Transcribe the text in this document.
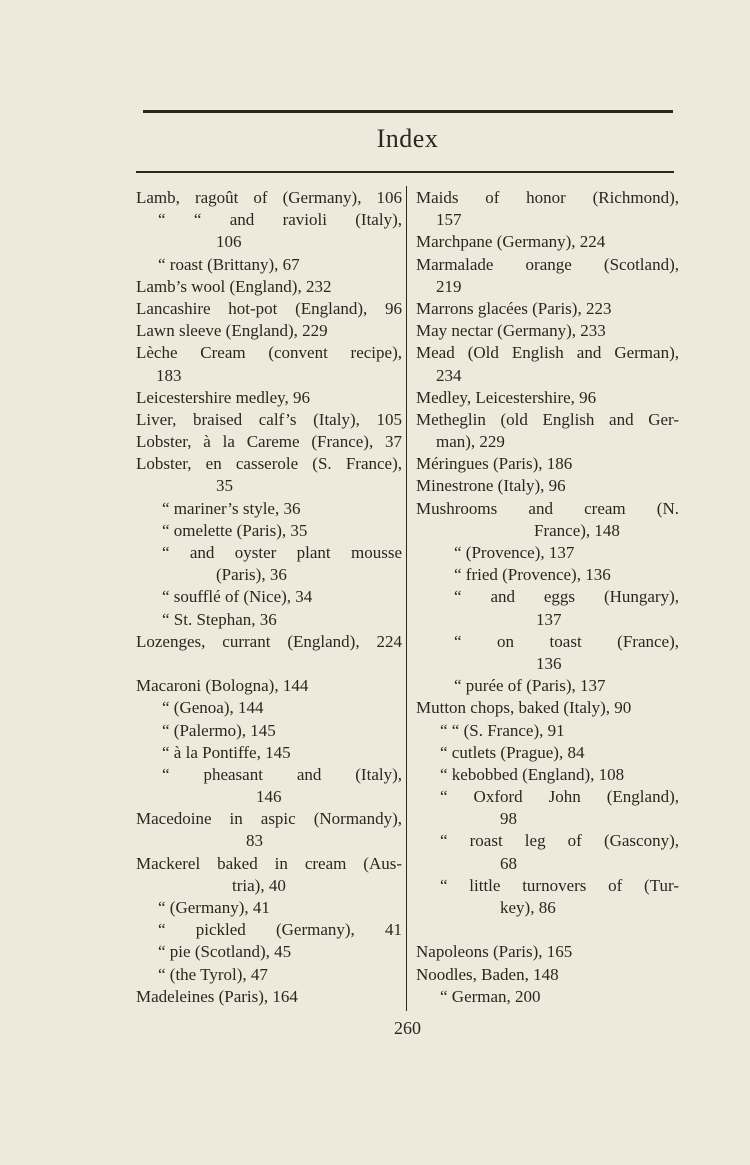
Index
Lamb, ragoût of (Germany), 106
“ “ and ravioli (Italy),
106
“ roast (Brittany), 67
Lamb’s wool (England), 232
Lancashire hot-pot (England), 96
Lawn sleeve (England), 229
Lèche Cream (convent recipe),
183
Leicestershire medley, 96
Liver, braised calf’s (Italy), 105
Lobster, à la Careme (France), 37
Lobster, en casserole (S. France),
35
“ mariner’s style, 36
“ omelette (Paris), 35
“ and oyster plant mousse
(Paris), 36
“ soufflé of (Nice), 34
“ St. Stephan, 36
Lozenges, currant (England), 224
Macaroni (Bologna), 144
“ (Genoa), 144
“ (Palermo), 145
“ à la Pontiffe, 145
“ pheasant and (Italy),
146
Macedoine in aspic (Normandy),
83
Mackerel baked in cream (Aus-
tria), 40
“ (Germany), 41
“ pickled (Germany), 41
“ pie (Scotland), 45
“ (the Tyrol), 47
Madeleines (Paris), 164
Maids of honor (Richmond),
157
Marchpane (Germany), 224
Marmalade orange (Scotland),
219
Marrons glacées (Paris), 223
May nectar (Germany), 233
Mead (Old English and German),
234
Medley, Leicestershire, 96
Metheglin (old English and Ger-
man), 229
Méringues (Paris), 186
Minestrone (Italy), 96
Mushrooms and cream (N.
France), 148
“ (Provence), 137
“ fried (Provence), 136
“ and eggs (Hungary),
137
“ on toast (France),
136
“ purée of (Paris), 137
Mutton chops, baked (Italy), 90
“ “ (S. France), 91
“ cutlets (Prague), 84
“ kebobbed (England), 108
“ Oxford John (England),
98
“ roast leg of (Gascony),
68
“ little turnovers of (Tur-
key), 86
Napoleons (Paris), 165
Noodles, Baden, 148
“ German, 200
260
